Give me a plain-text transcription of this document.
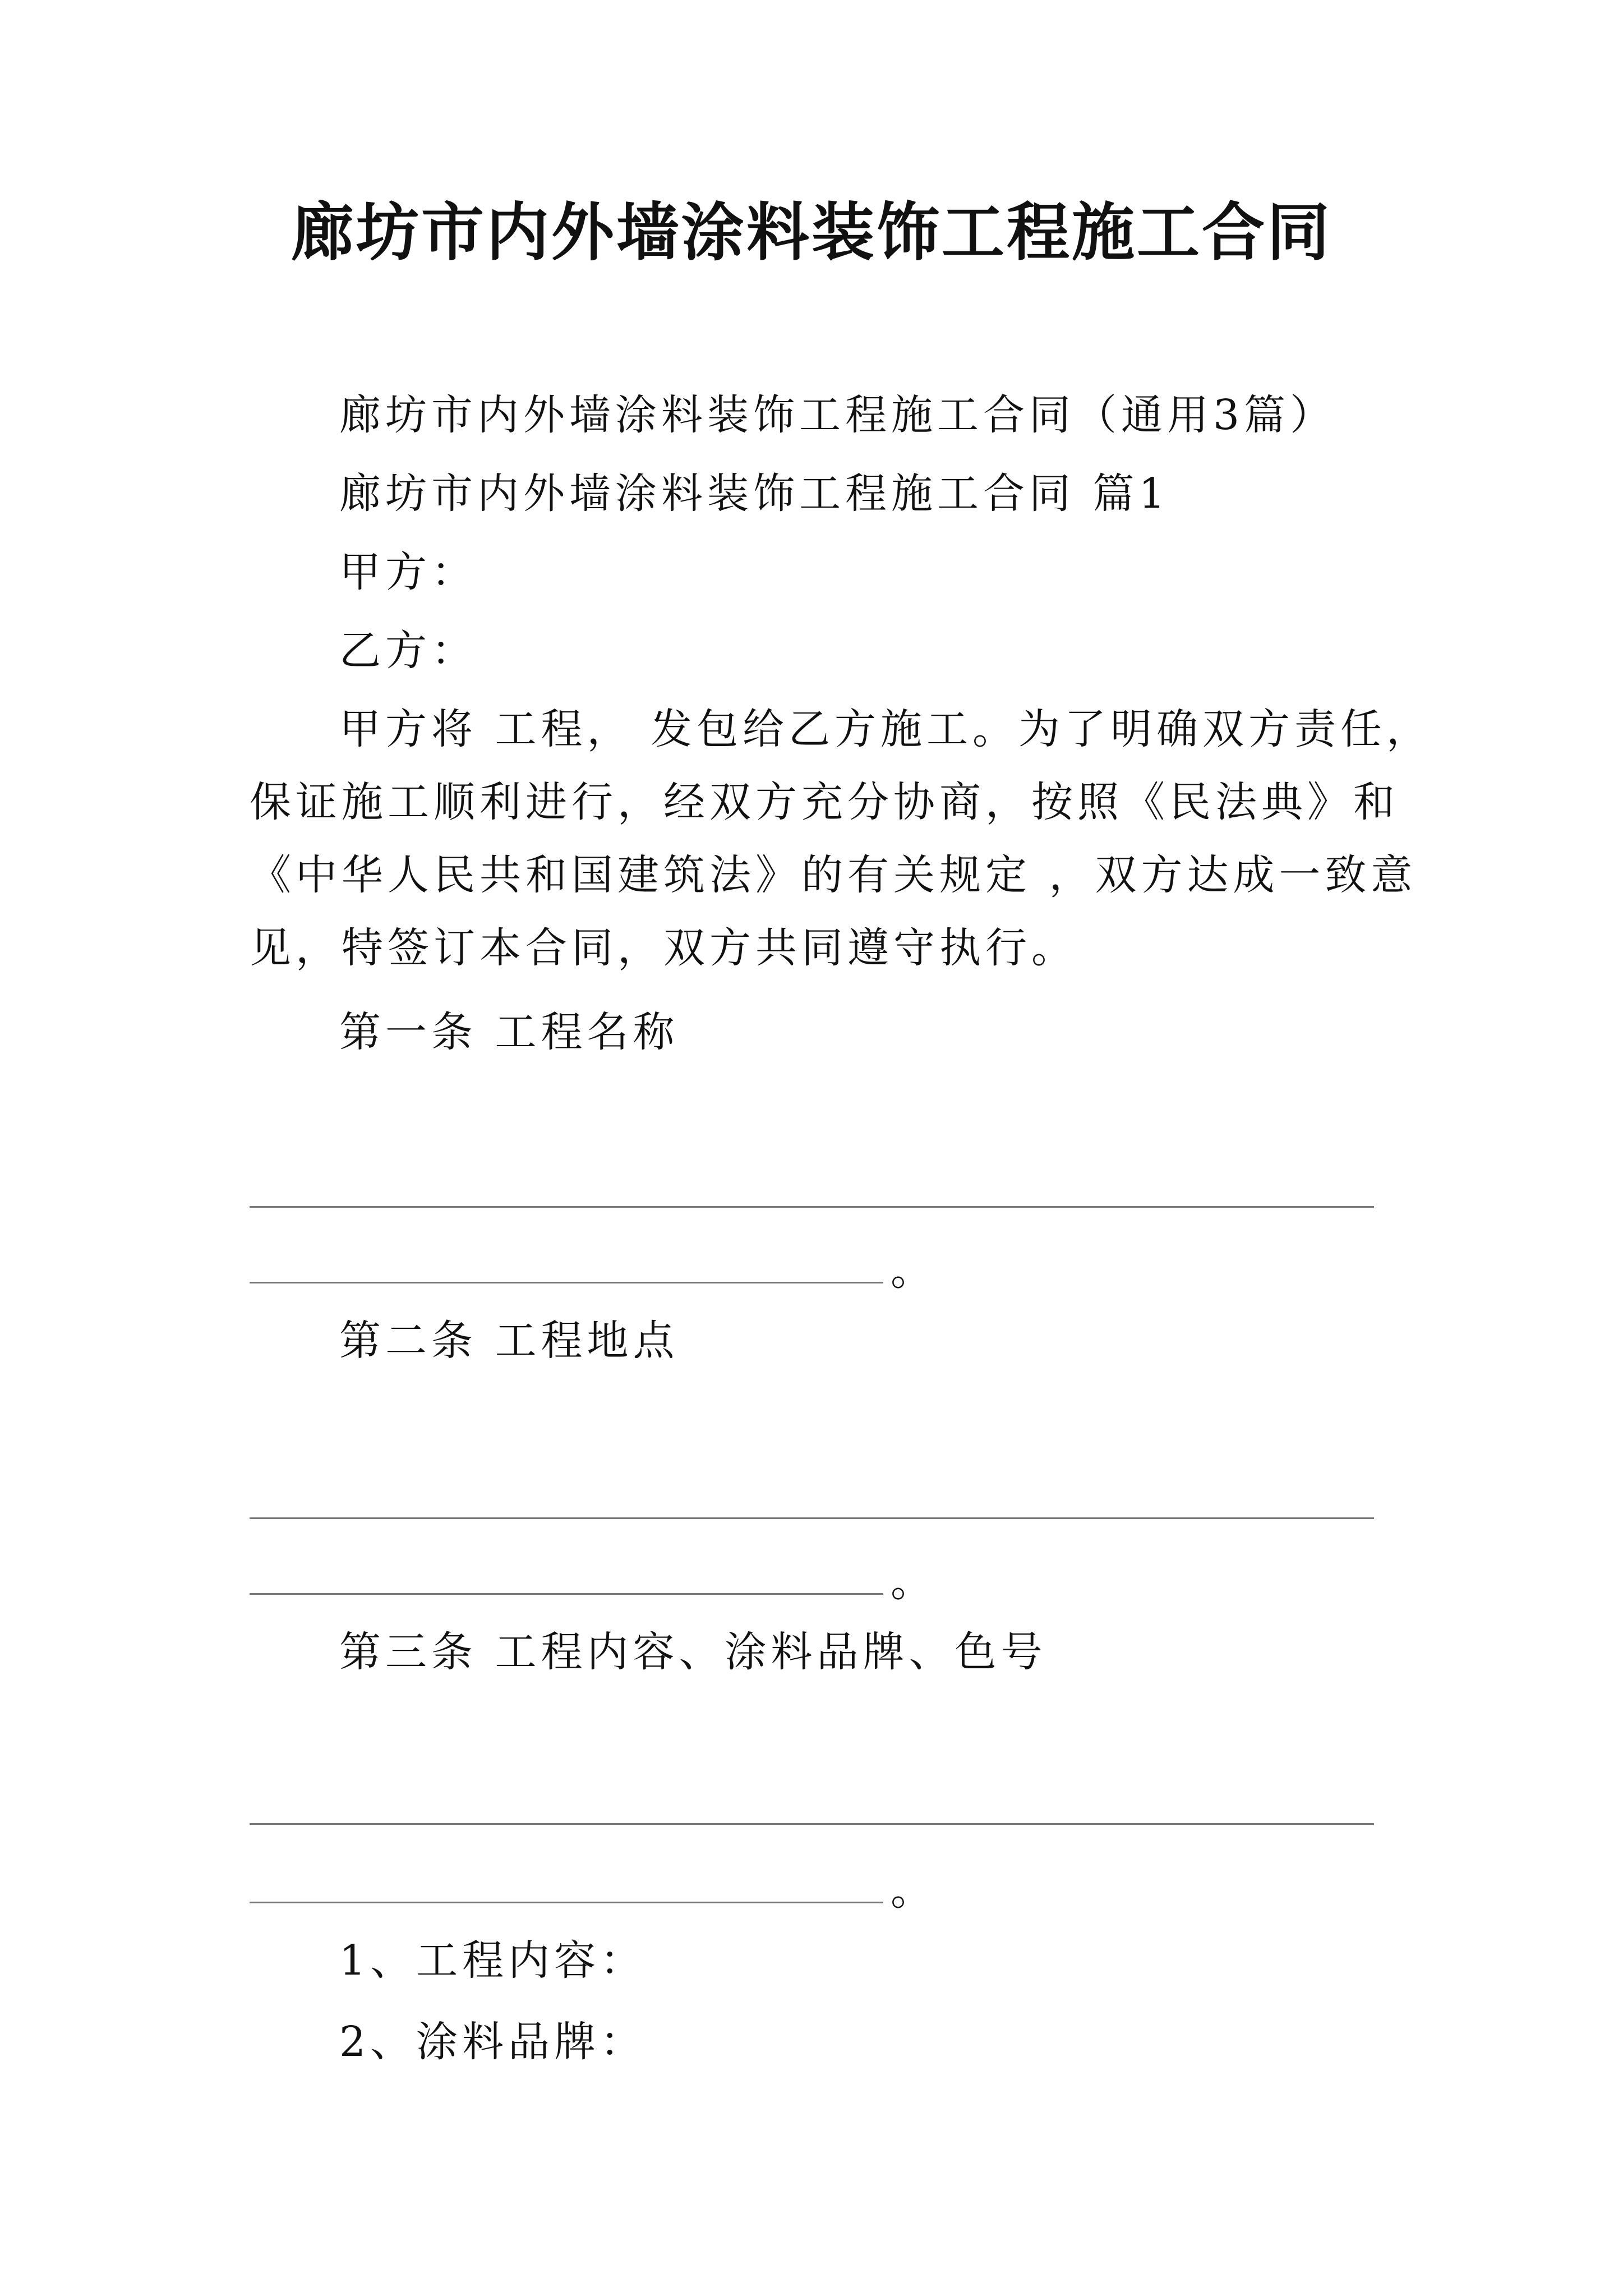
廊坊市内外墙涂料装饰工程施工合同
廊坊市内外墙涂料装饰工程施工合同（通用3篇）
廊坊市内外墙涂料装饰工程施工合同 篇1
甲方：
乙方：
甲方将 工程， 发包给乙方施工。为了明确双方责任，
保证施工顺利进行，经双方充分协商，按照《民法典》和
《中华人民共和国建筑法》的有关规定 ，双方达成一致意
见，特签订本合同，双方共同遵守执行。
第一条 工程名称
。
第二条 工程地点
。
第三条 工程内容、涂料品牌、色号
。
1、工程内容：
2、涂料品牌：
